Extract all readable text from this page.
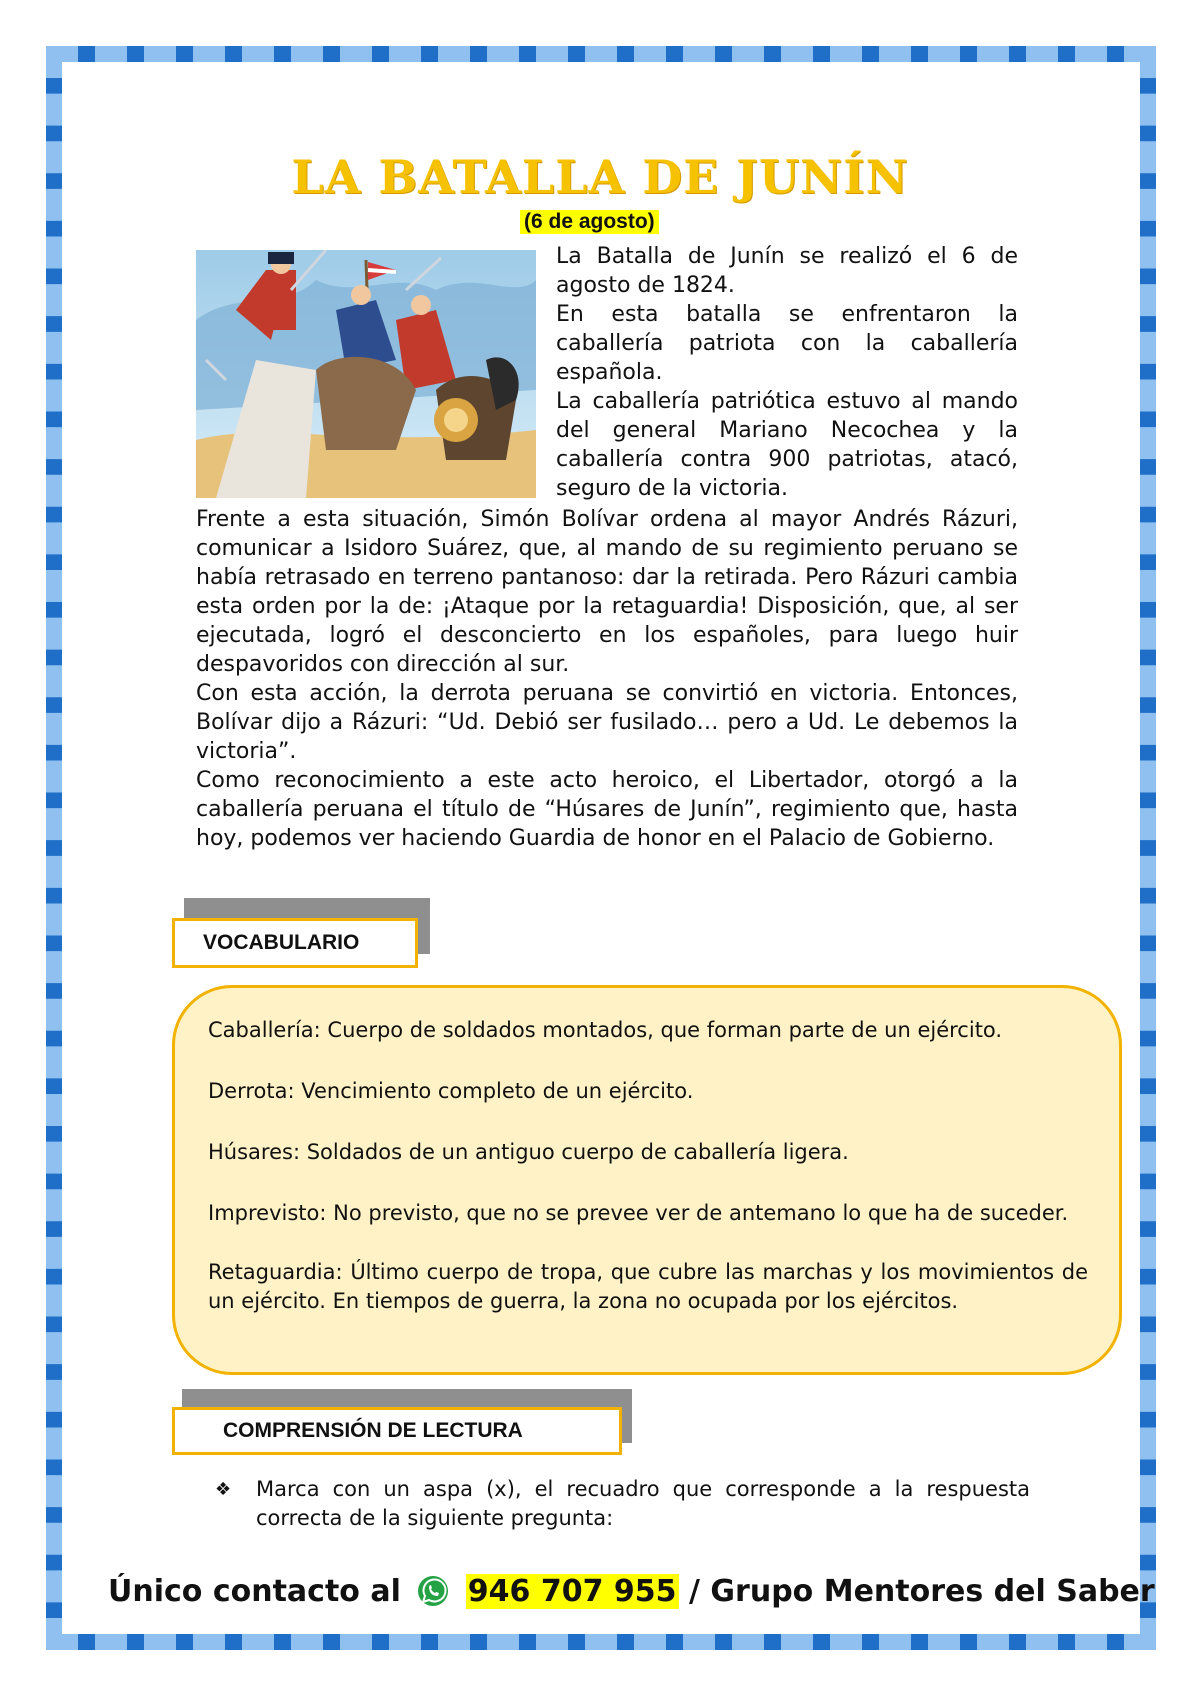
LA BATALLA DE JUNÍN
(6 de agosto)

La Batalla de Junín se realizó el 6 de agosto de 1824.

En esta batalla se enfrentaron la caballería patriota con la caballería española.

La caballería patriótica estuvo al mando del general Mariano Necochea y la caballería contra 900 patriotas, atacó, seguro de la victoria.

Frente a esta situación, Simón Bolívar ordena al mayor Andrés Rázuri, comunicar a Isidoro Suárez, que, al mando de su regimiento peruano se había retrasado en terreno pantanoso: dar la retirada. Pero Rázuri cambia esta orden por la de: ¡Ataque por la retaguardia! Disposición, que, al ser ejecutada, logró el desconcierto en los españoles, para luego huir despavoridos con dirección al sur.

Con esta acción, la derrota peruana se convirtió en victoria. Entonces, Bolívar dijo a Rázuri: “Ud. Debió ser fusilado… pero a Ud. Le debemos la victoria”.

Como reconocimiento a este acto heroico, el Libertador, otorgó a la caballería peruana el título de “Húsares de Junín”, regimiento que, hasta hoy, podemos ver haciendo Guardia de honor en el Palacio de Gobierno.

VOCABULARIO

Caballería: Cuerpo de soldados montados, que forman parte de un ejército.

Derrota: Vencimiento completo de un ejército.

Húsares: Soldados de un antiguo cuerpo de caballería ligera.

Imprevisto: No previsto, que no se prevee ver de antemano lo que ha de suceder.

Retaguardia: Último cuerpo de tropa, que cubre las marchas y los movimientos de un ejército. En tiempos de guerra, la zona no ocupada por los ejércitos.

COMPRENSIÓN DE LECTURA
❖	Marca con un aspa (x), el recuadro que corresponde a la respuesta correcta de la siguiente pregunta:
Único contacto al 946 707 955 / Grupo Mentores del Saber
